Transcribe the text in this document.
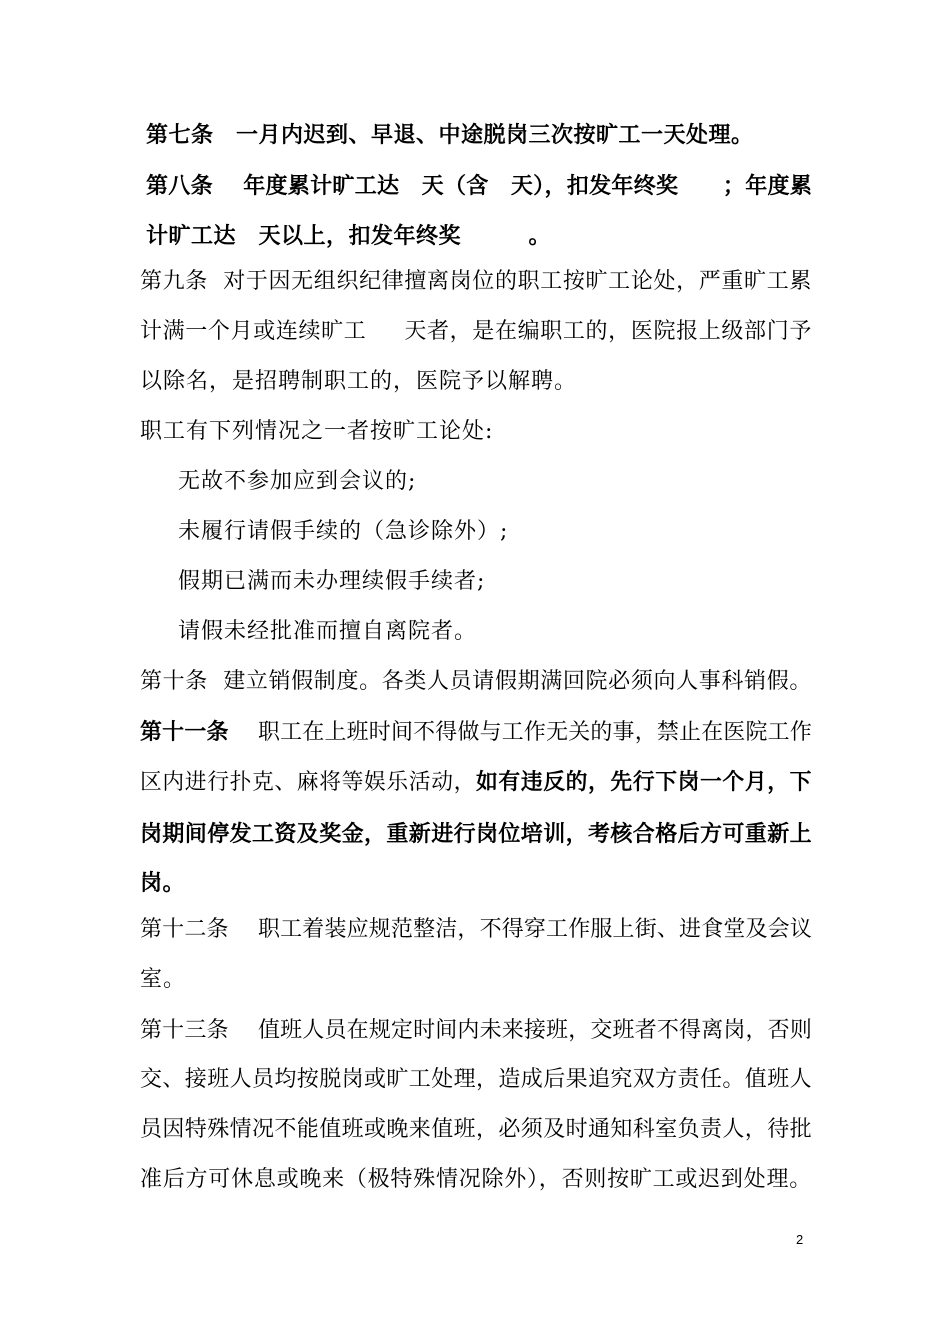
第七条　一月内迟到、早退、中途脱岗三次按旷工一天处理。
第八条　 年度累计旷工达　天（含　天），扣发年终奖　　；年度累
计旷工达　天以上，扣发年终奖　　　。
第九条  对于因无组织纪律擅离岗位的职工按旷工论处，严重旷工累
计满一个月或连续旷工　  天者，是在编职工的，医院报上级部门予
以除名，是招聘制职工的，医院予以解聘。
职工有下列情况之一者按旷工论处:
无故不参加应到会议的;
未履行请假手续的（急诊除外）;
假期已满而未办理续假手续者;
请假未经批准而擅自离院者。
第十条  建立销假制度。各类人员请假期满回院必须向人事科销假。
第十一条　 职工在上班时间不得做与工作无关的事，禁止在医院工作
区内进行扑克、麻将等娱乐活动，如有违反的，先行下岗一个月，下
岗期间停发工资及奖金，重新进行岗位培训，考核合格后方可重新上
岗。
第十二条　 职工着装应规范整洁，不得穿工作服上街、进食堂及会议
室。
第十三条　 值班人员在规定时间内未来接班，交班者不得离岗，否则
交、接班人员均按脱岗或旷工处理，造成后果追究双方责任。值班人
员因特殊情况不能值班或晚来值班，必须及时通知科室负责人，待批
准后方可休息或晚来（极特殊情况除外），否则按旷工或迟到处理。
2
